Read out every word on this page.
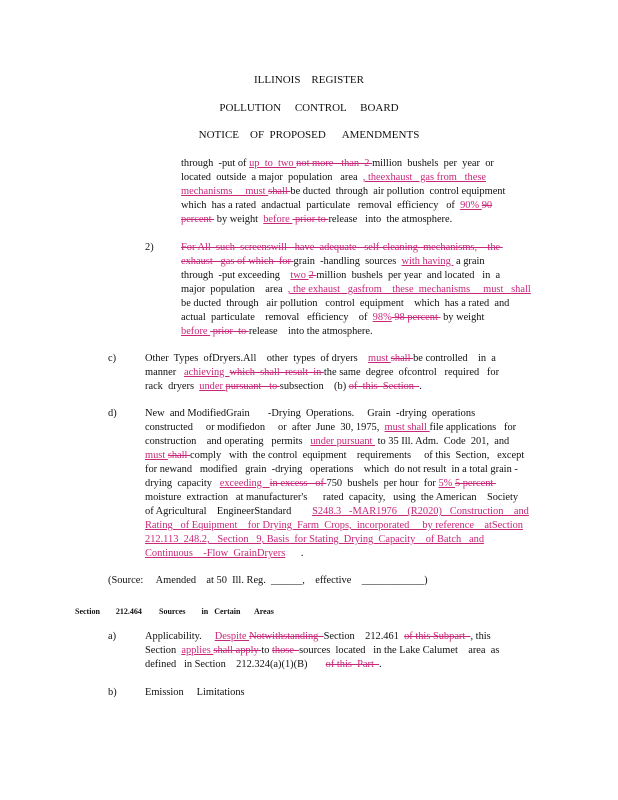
ILLINOIS    REGISTER
POLLUTION     CONTROL     BOARD
NOTICE    OF  PROPOSED      AMENDMENTS
through  -put of up  to  two not more   than  2 million  bushels  per  year  or
located  outside  a major  population   area  , theexhaust   gas from   these
mechanisms     must shall be ducted  through  air pollution  control equipment
which  has a rated  andactual  particulate   removal  efficiency   of  90% 90
percent  by weight  before  prior to release   into  the atmosphere.
2)	For All  such  screenswill   have  adequate   self-cleaning  mechanisms,    the
exhaust   gas of which  for grain  -handling  sources  with having  a grain
through  -put exceeding    two 2 million  bushels  per year  and located   in  a
major  population    area  , the exhaust   gasfrom    these  mechanisms     must   shall
be ducted  through   air pollution   control  equipment    which  has a rated  and
actual  particulate    removal   efficiency    of  98% 98 percent  by weight
before  prior  to release    into the atmosphere.
c)	Other  Types  ofDryers.All    other  types  of dryers    must shall be controlled    in  a
manner   achieving  which  shall  result  in the same  degree  ofcontrol   required   for
rack  dryers  under pursuant   to subsection    (b) of  this  Section  .
d)	New  and ModifiedGrain       -Drying  Operations.     Grain  -drying  operations
constructed     or modifiedon     or  after  June  30, 1975,  must shall file applications   for
construction    and operating   permits   under pursuant  to 35 Ill. Adm.  Code  201,  and
must shall comply   with  the control  equipment    requirements     of this  Section,   except
for newand   modified   grain  -drying   operations    which  do not result  in a total grain -
drying  capacity   exceeding   in excess   of 750  bushels  per hour  for 5% 5 percent
moisture  extraction   at manufacturer's      rated  capacity,   using  the American    Society
of Agricultural    EngineerStandard        S248.3   -MAR1976    (R2020)   Construction    and
Rating   of Equipment    for Drying  Farm  Crops,  incorporated     by reference    atSection
212.113  248.2,   Section   9, Basis  for Stating  Drying  Capacity    of Batch   and
Continuous    -Flow  GrainDryers      .
(Source:     Amended    at 50  Ill. Reg.  ______,    effective    ____________)
Section        212.464 Sources        in   Certain       Areas
a)	Applicability.     Despite Notwithstanding  Section    212.461  of this Subpart  , this
Section  applies shall apply to those  sources  located   in the Lake Calumet    area  as
defined   in Section    212.324(a)(1)(B)       of this  Part  .
b)	Emission     Limitations
